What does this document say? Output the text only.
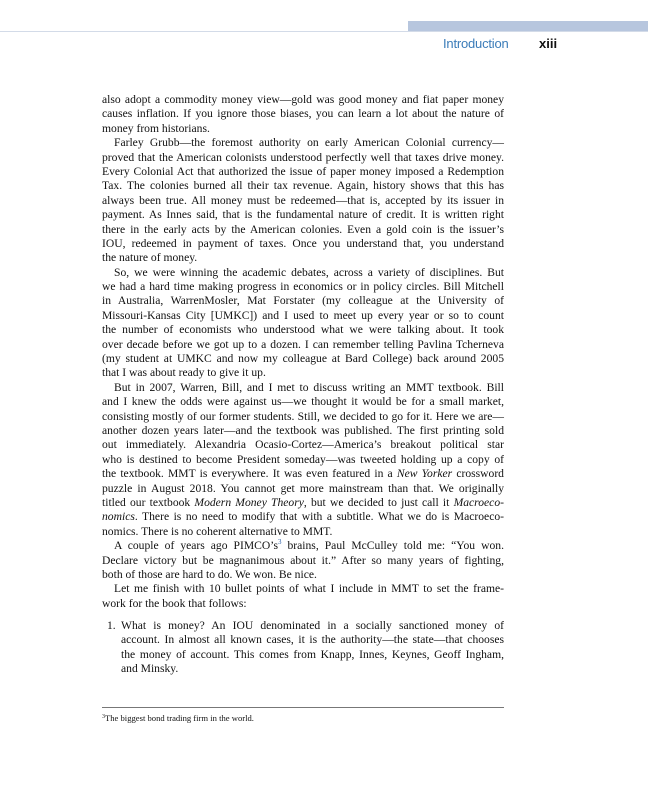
Introduction xiii
also adopt a commodity money view—gold was good money and fiat paper money
causes inflation. If you ignore those biases, you can learn a lot about the nature of
money from historians.
Farley Grubb—the foremost authority on early American Colonial currency—
proved that the American colonists understood perfectly well that taxes drive money.
Every Colonial Act that authorized the issue of paper money imposed a Redemption
Tax. The colonies burned all their tax revenue. Again, history shows that this has
always been true. All money must be redeemed—that is, accepted by its issuer in
payment. As Innes said, that is the fundamental nature of credit. It is written right
there in the early acts by the American colonies. Even a gold coin is the issuer’s
IOU, redeemed in payment of taxes. Once you understand that, you understand
the nature of money.
So, we were winning the academic debates, across a variety of disciplines. But
we had a hard time making progress in economics or in policy circles. Bill Mitchell
in Australia, WarrenMosler, Mat Forstater (my colleague at the University of
Missouri-Kansas City [UMKC]) and I used to meet up every year or so to count
the number of economists who understood what we were talking about. It took
over decade before we got up to a dozen. I can remember telling Pavlina Tcherneva
(my student at UMKC and now my colleague at Bard College) back around 2005
that I was about ready to give it up.
But in 2007, Warren, Bill, and I met to discuss writing an MMT textbook. Bill
and I knew the odds were against us—we thought it would be for a small market,
consisting mostly of our former students. Still, we decided to go for it. Here we are—
another dozen years later—and the textbook was published. The first printing sold
out immediately. Alexandria Ocasio-Cortez—America’s breakout political star
who is destined to become President someday—was tweeted holding up a copy of
the textbook. MMT is everywhere. It was even featured in a New Yorker crossword
puzzle in August 2018. You cannot get more mainstream than that. We originally
titled our textbook Modern Money Theory, but we decided to just call it Macroeco-
nomics. There is no need to modify that with a subtitle. What we do is Macroeco-
nomics. There is no coherent alternative to MMT.
A couple of years ago $PIMCO’s^3$ brains, Paul McCulley told me: “You won.
Declare victory but be magnanimous about it.” After so many years of fighting,
both of those are hard to do. We won. Be nice.
Let me finish with 10 bullet points of what I include in MMT to set the frame-
work for the book that follows:
1. What is money? An IOU denominated in a socially sanctioned money of
account. In almost all known cases, it is the authority—the state—that chooses
the money of account. This comes from Knapp, Innes, Keynes, Geoff Ingham,
and Minsky.
$^3$The biggest bond trading firm in the world.
